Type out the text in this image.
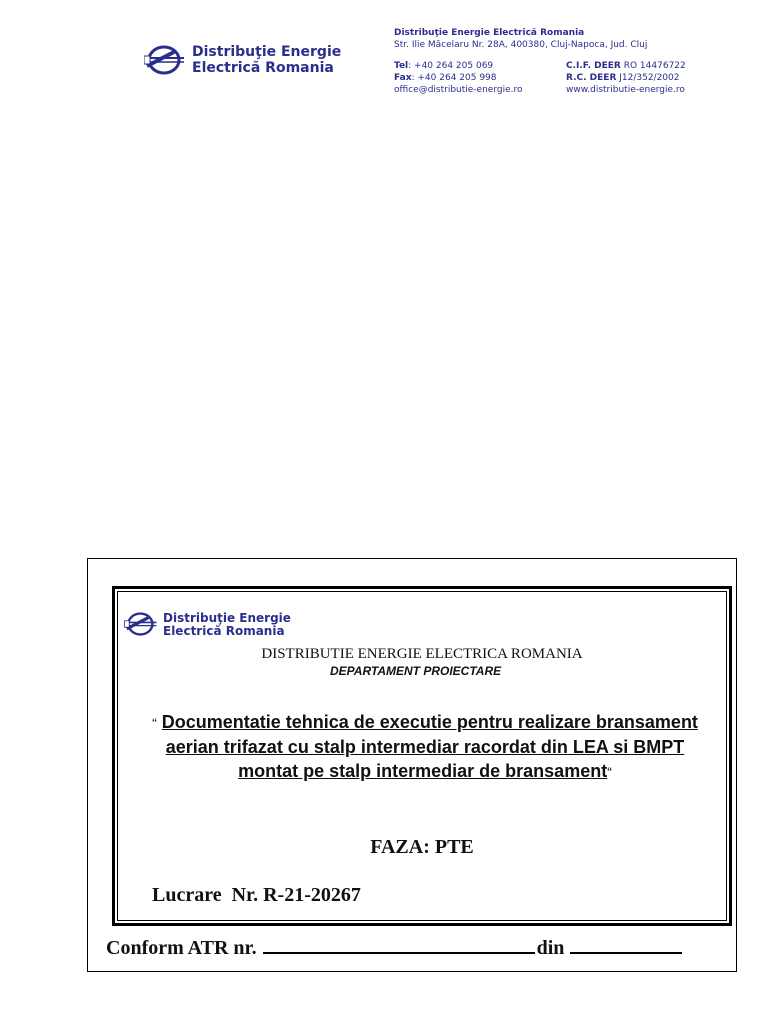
Distribuţie Energie
Electrică Romania
Distribuţie Energie Electrică Romania
Str. Ilie Măcelaru Nr. 28A, 400380, Cluj-Napoca, Jud. Cluj
Tel: +40 264 205 069
Fax: +40 264 205 998
office@distributie-energie.ro
C.I.F. DEER RO 14476722
R.C. DEER J12/352/2002
www.distributie-energie.ro
Distribuţie Energie
Electrică Romania
DISTRIBUTIE ENERGIE ELECTRICA ROMANIA
DEPARTAMENT PROIECTARE
“ Documentatie tehnica de executie pentru realizare bransament aerian trifazat cu stalp intermediar racordat din LEA si BMPT montat pe stalp intermediar de bransament“
FAZA: PTE
Lucrare  Nr. R-21-20267
Conform ATR nr.	din
